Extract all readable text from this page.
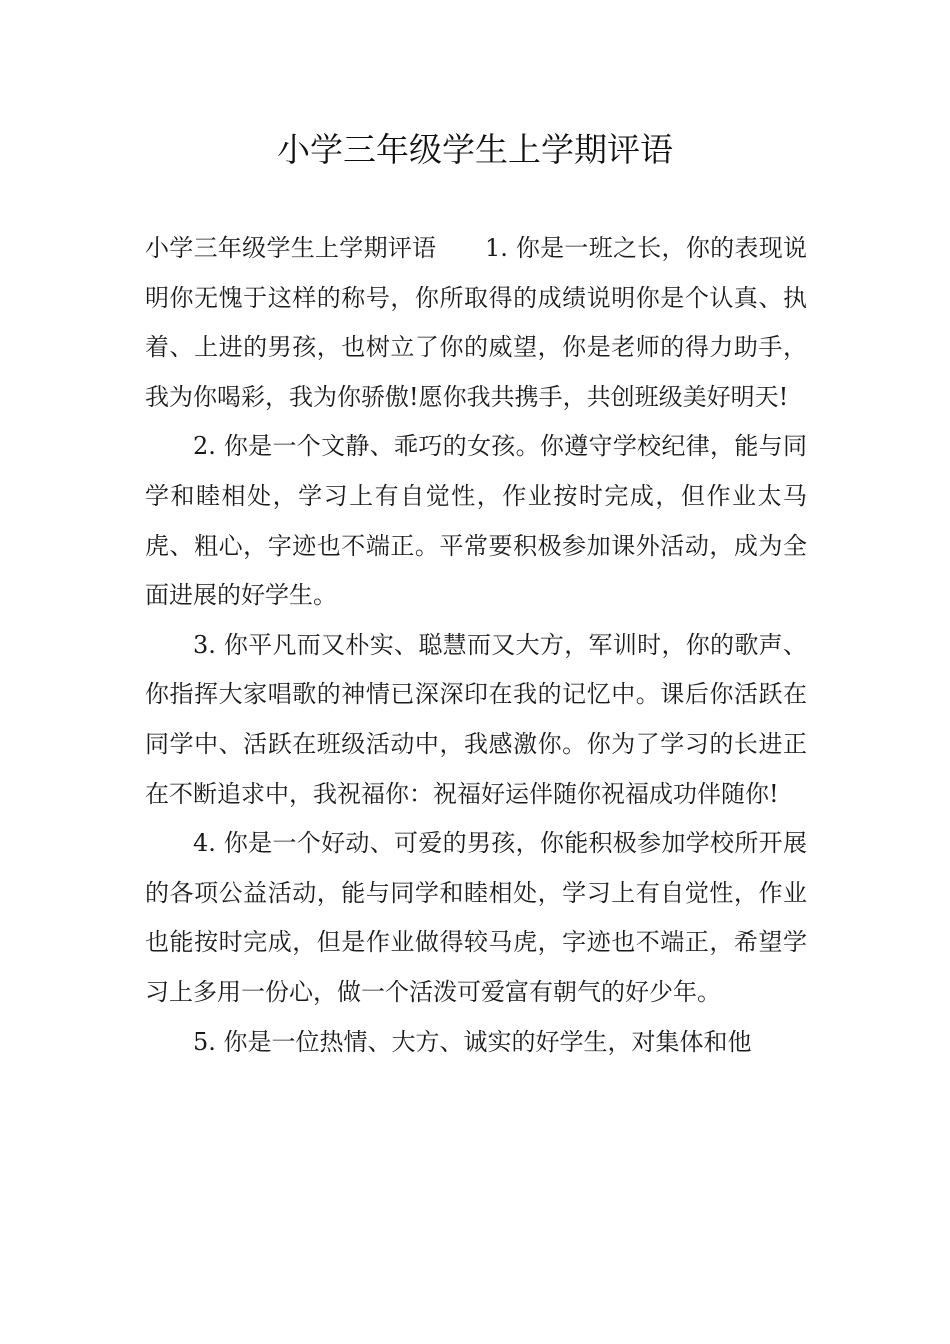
小学三年级学生上学期评语

小学三年级学生上学期评语　　1. 你是一班之长，你的表现说明你无愧于这样的称号，你所取得的成绩说明你是个认真、执着、上进的男孩，也树立了你的威望，你是老师的得力助手，我为你喝彩，我为你骄傲!愿你我共携手，共创班级美好明天!

2. 你是一个文静、乖巧的女孩。你遵守学校纪律，能与同学和睦相处，学习上有自觉性，作业按时完成，但作业太马虎、粗心，字迹也不端正。平常要积极参加课外活动，成为全面进展的好学生。

3. 你平凡而又朴实、聪慧而又大方，军训时，你的歌声、你指挥大家唱歌的神情已深深印在我的记忆中。课后你活跃在同学中、活跃在班级活动中，我感激你。你为了学习的长进正在不断追求中，我祝福你：祝福好运伴随你祝福成功伴随你!

4. 你是一个好动、可爱的男孩，你能积极参加学校所开展的各项公益活动，能与同学和睦相处，学习上有自觉性，作业也能按时完成，但是作业做得较马虎，字迹也不端正，希望学习上多用一份心，做一个活泼可爱富有朝气的好少年。

5. 你是一位热情、大方、诚实的好学生，对集体和他
